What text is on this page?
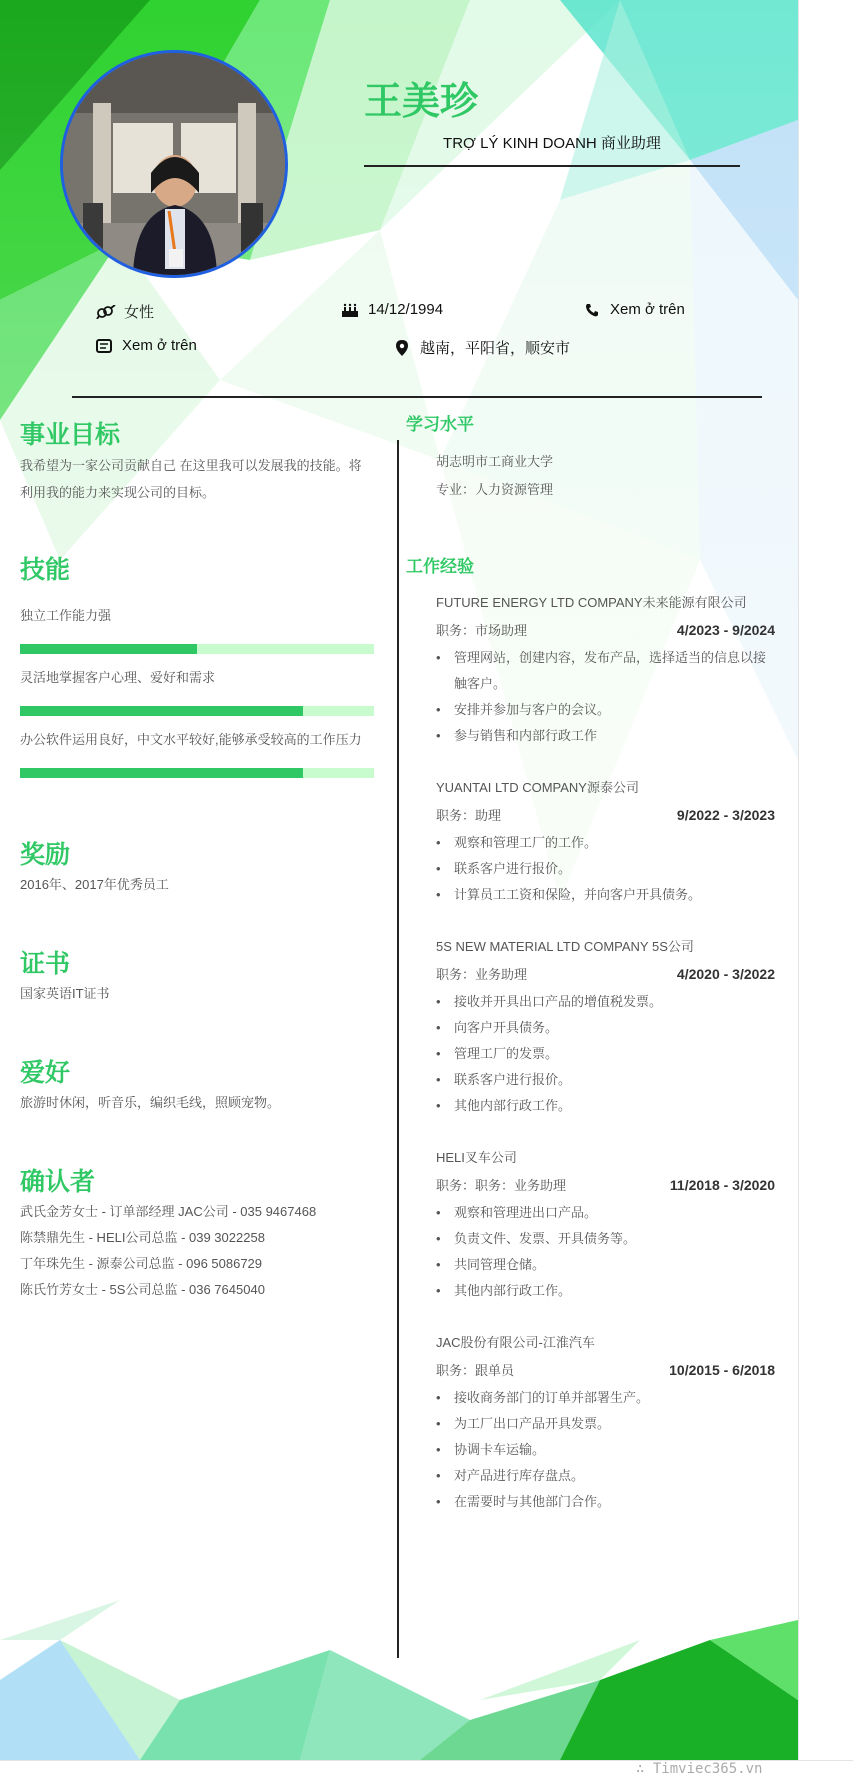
王美珍
TRỢ LÝ KINH DOANH 商业助理
女性	14/12/1994	Xem ở trên
Xem ở trên	越南，平阳省，顺安市
事业目标
我希望为一家公司贡献自己 在这里我可以发展我的技能。将
利用我的能力来实现公司的目标。
技能
独立工作能力强
灵活地掌握客户心理、爱好和需求
办公软件运用良好，中文水平较好,能够承受较高的工作压力
奖励
2016年、2017年优秀员工
证书
国家英语IT证书
爱好
旅游时休闲，听音乐，编织毛线，照顾宠物。
确认者
武氏金芳女士 - 订单部经理 JAC公司 - 035 9467468
陈禁鼎先生 - HELI公司总监 - 039 3022258
丁年珠先生 - 源泰公司总监 - 096 5086729
陈氏竹芳女士 - 5S公司总监 - 036 7645040
学习水平
胡志明市工商业大学
专业：人力资源管理
工作经验
FUTURE ENERGY LTD COMPANY未来能源有限公司
职务：市场助理	4/2023 - 9/2024
• 管理网站，创建内容，发布产品，选择适当的信息以接触客户。
• 安排并参加与客户的会议。
• 参与销售和内部行政工作
YUANTAI LTD COMPANY源泰公司
职务：助理	9/2022 - 3/2023
• 观察和管理工厂的工作。
• 联系客户进行报价。
• 计算员工工资和保险，并向客户开具债务。
5S NEW MATERIAL LTD COMPANY 5S公司
职务：业务助理	4/2020 - 3/2022
• 接收并开具出口产品的增值税发票。
• 向客户开具债务。
• 管理工厂的发票。
• 联系客户进行报价。
• 其他内部行政工作。
HELI叉车公司
职务：职务：业务助理	11/2018 - 3/2020
• 观察和管理进出口产品。
• 负责文件、发票、开具债务等。
• 共同管理仓储。
• 其他内部行政工作。
JAC股份有限公司-江淮汽车
职务：跟单员	10/2015 - 6/2018
• 接收商务部门的订单并部署生产。
• 为工厂出口产品开具发票。
• 协调卡车运输。
• 对产品进行库存盘点。
• 在需要时与其他部门合作。
∴ Timviec365.vn
